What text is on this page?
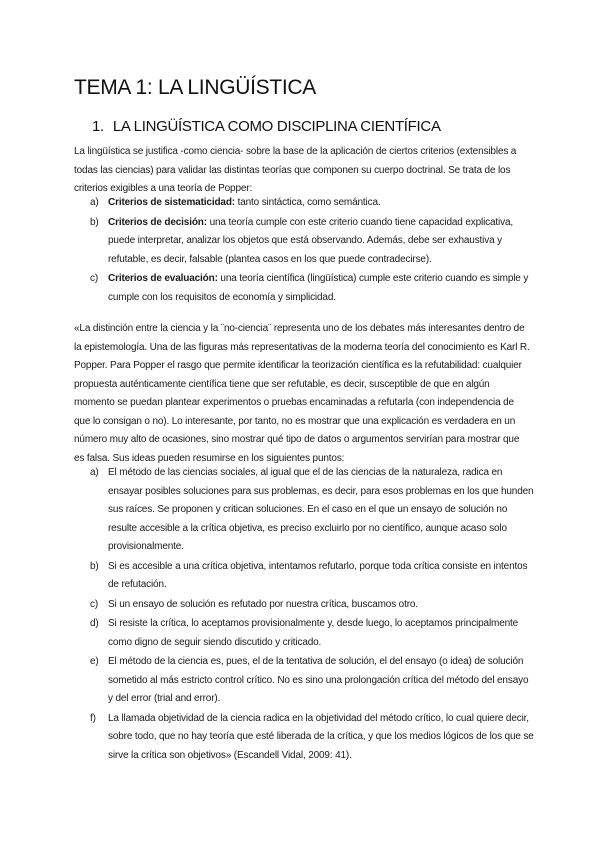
TEMA 1: LA LINGÜÍSTICA
1. LA LINGÜÍSTICA COMO DISCIPLINA CIENTÍFICA

La lingüística se justifica -como ciencia- sobre la base de la aplicación de ciertos criterios (extensibles a todas las ciencias) para validar las distintas teorías que componen su cuerpo doctrinal. Se trata de los criterios exigibles a una teoría de Popper:

a) Criterios de sistematicidad: tanto sintáctica, como semántica.
b) Criterios de decisión: una teoría cumple con este criterio cuando tiene capacidad explicativa, puede interpretar, analizar los objetos que está observando. Además, debe ser exhaustiva y refutable, es decir, falsable (plantea casos en los que puede contradecirse).
c) Criterios de evaluación: una teoría científica (lingüística) cumple este criterio cuando es simple y cumple con los requisitos de economía y simplicidad.

«La distinción entre la ciencia y la ¨no-ciencia¨ representa uno de los debates más interesantes dentro de la epistemología. Una de las figuras más representativas de la moderna teoría del conocimiento es Karl R. Popper. Para Popper el rasgo que permite identificar la teorización científica es la refutabilidad: cualquier propuesta auténticamente científica tiene que ser refutable, es decir, susceptible de que en algún momento se puedan plantear experimentos o pruebas encaminadas a refutarla (con independencia de que lo consigan o no). Lo interesante, por tanto, no es mostrar que una explicación es verdadera en un número muy alto de ocasiones, sino mostrar qué tipo de datos o argumentos servirían para mostrar que es falsa. Sus ideas pueden resumirse en los siguientes puntos:

a) El método de las ciencias sociales, al igual que el de las ciencias de la naturaleza, radica en ensayar posibles soluciones para sus problemas, es decir, para esos problemas en los que hunden sus raíces. Se proponen y critican soluciones. En el caso en el que un ensayo de solución no resulte accesible a la crítica objetiva, es preciso excluirlo por no científico, aunque acaso solo provisionalmente.
b) Si es accesible a una crítica objetiva, intentamos refutarlo, porque toda crítica consiste en intentos de refutación.
c) Si un ensayo de solución es refutado por nuestra crítica, buscamos otro.
d) Si resiste la crítica, lo aceptamos provisionalmente y, desde luego, lo aceptamos principalmente como digno de seguir siendo discutido y criticado.
e) El método de la ciencia es, pues, el de la tentativa de solución, el del ensayo (o idea) de solución sometido al más estricto control crítico. No es sino una prolongación crítica del método del ensayo y del error (trial and error).
f) La llamada objetividad de la ciencia radica en la objetividad del método crítico, lo cual quiere decir, sobre todo, que no hay teoría que esté liberada de la crítica, y que los medios lógicos de los que se sirve la crítica son objetivos» (Escandell Vidal, 2009: 41).
